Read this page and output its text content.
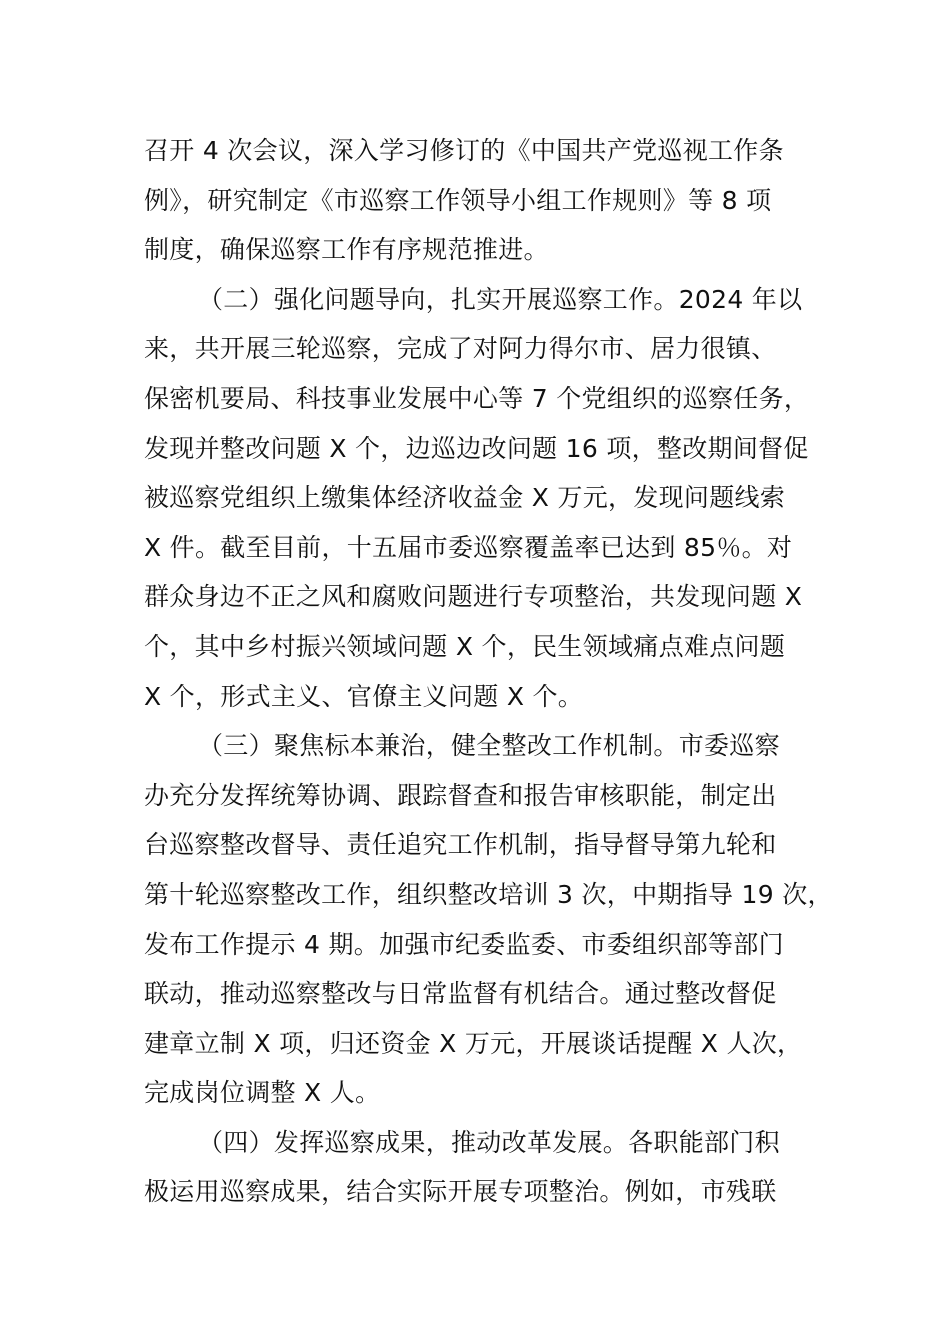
召开 4 次会议，深入学习修订的《中国共产党巡视工作条
例》，研究制定《市巡察工作领导小组工作规则》等 8 项
制度，确保巡察工作有序规范推进。

（二）强化问题导向，扎实开展巡察工作。2024 年以
来，共开展三轮巡察，完成了对阿力得尔市、居力很镇、
保密机要局、科技事业发展中心等 7 个党组织的巡察任务，
发现并整改问题 X 个，边巡边改问题 16 项，整改期间督促
被巡察党组织上缴集体经济收益金 X 万元，发现问题线索
X 件。截至目前，十五届市委巡察覆盖率已达到 85％。对
群众身边不正之风和腐败问题进行专项整治，共发现问题 X
个，其中乡村振兴领域问题 X 个，民生领域痛点难点问题
X 个，形式主义、官僚主义问题 X 个。

（三）聚焦标本兼治，健全整改工作机制。市委巡察
办充分发挥统筹协调、跟踪督查和报告审核职能，制定出
台巡察整改督导、责任追究工作机制，指导督导第九轮和
第十轮巡察整改工作，组织整改培训 3 次，中期指导 19 次，
发布工作提示 4 期。加强市纪委监委、市委组织部等部门
联动，推动巡察整改与日常监督有机结合。通过整改督促
建章立制 X 项，归还资金 X 万元，开展谈话提醒 X 人次，
完成岗位调整 X 人。

（四）发挥巡察成果，推动改革发展。各职能部门积
极运用巡察成果，结合实际开展专项整治。例如，市残联
